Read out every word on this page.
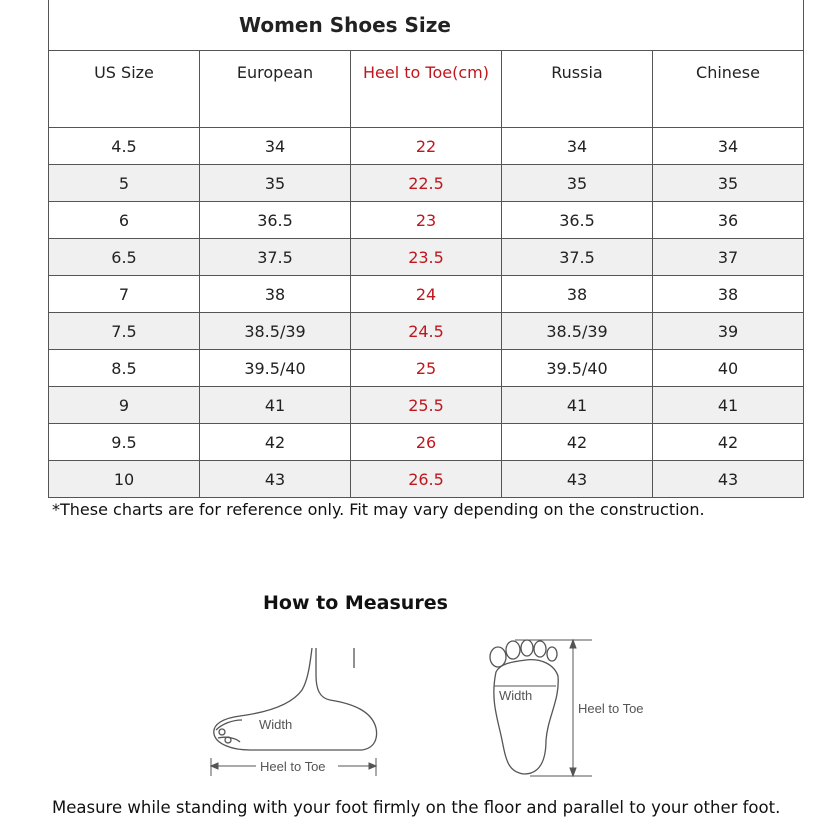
Women Shoes Size				
US Size	European	Heel to Toe(cm)	Russia	Chinese
4.5	34	22	34	34
5	35	22.5	35	35
6	36.5	23	36.5	36
6.5	37.5	23.5	37.5	37
7	38	24	38	38
7.5	38.5/39	24.5	38.5/39	39
8.5	39.5/40	25	39.5/40	40
9	41	25.5	41	41
9.5	42	26	42	42
10	43	26.5	43	43
*These charts are for reference only. Fit may vary depending on the construction.
How to Measures
Width
Heel to Toe
Width
Heel to Toe
Measure while standing with your foot firmly on the floor and parallel to your other foot.
